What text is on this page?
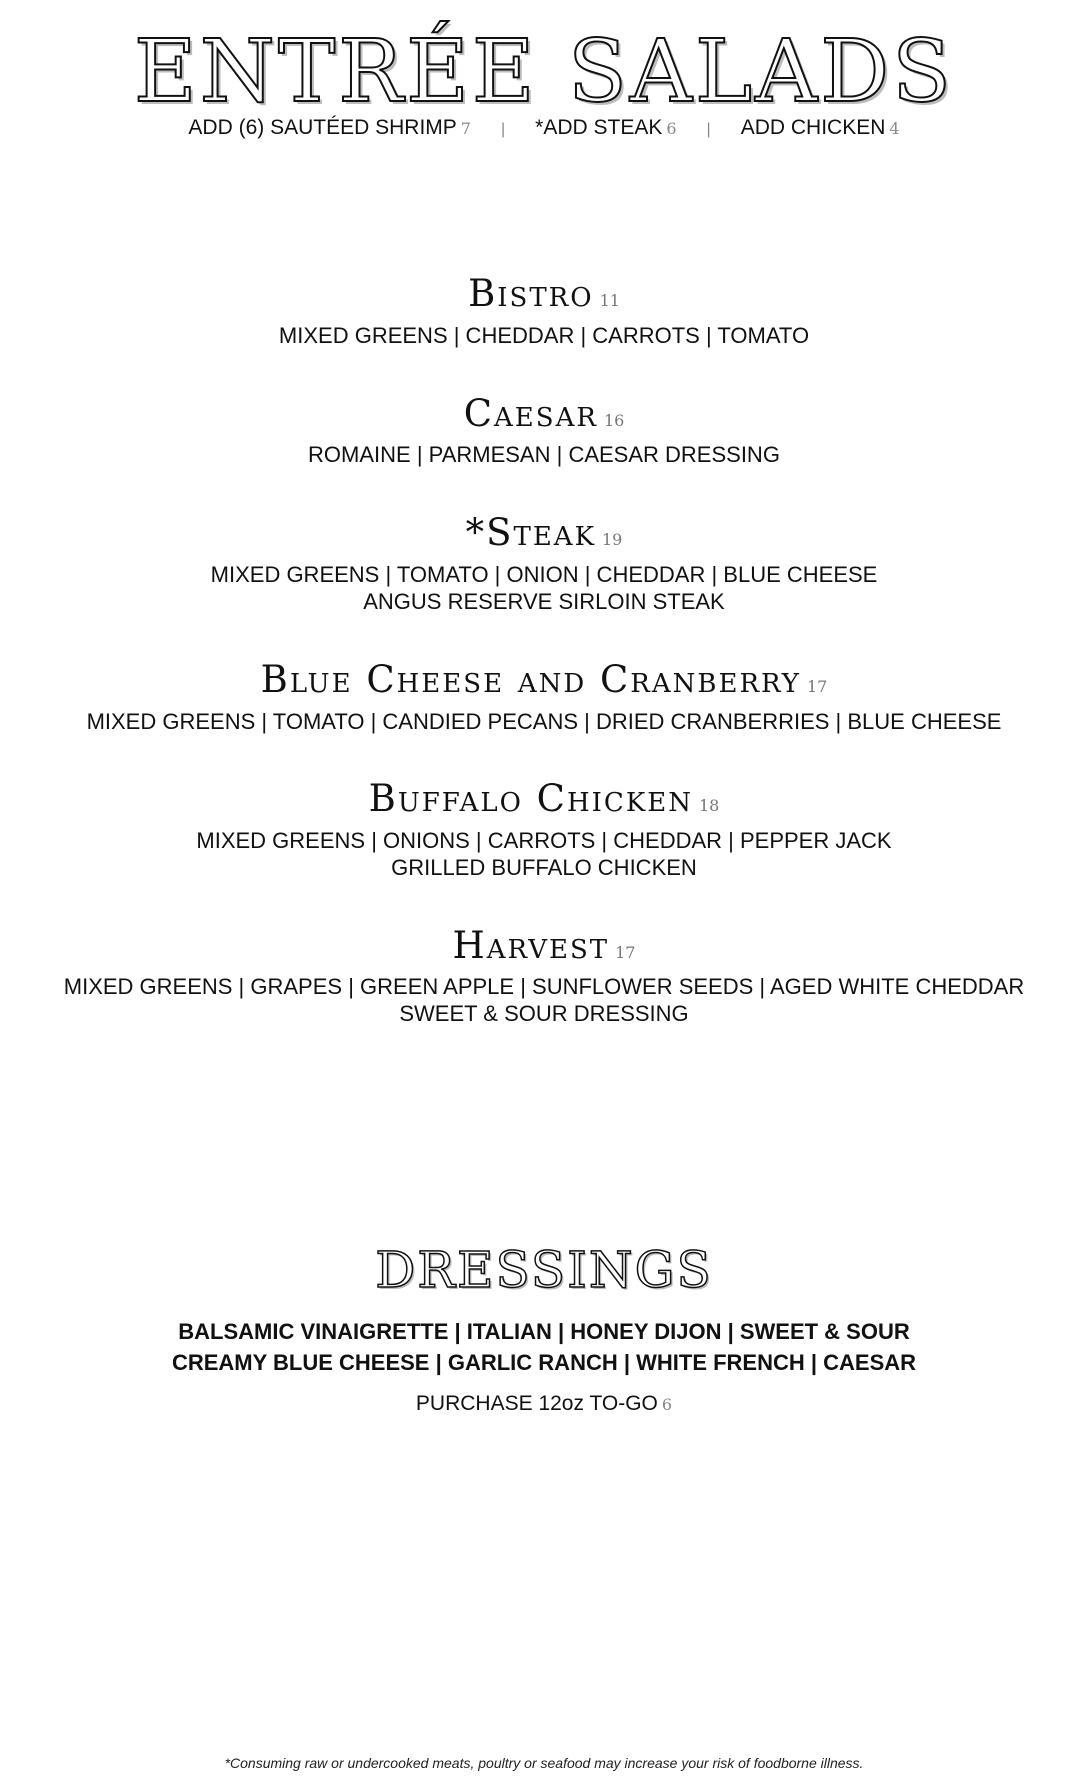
ENTRÉE SALADS
ADD (6) SAUTÉED SHRIMP 7 | *ADD STEAK 6 | ADD CHICKEN 4
Bistro 11
MIXED GREENS | CHEDDAR | CARROTS | TOMATO
Caesar 16
ROMAINE | PARMESAN | CAESAR DRESSING
*Steak 19
MIXED GREENS | TOMATO | ONION | CHEDDAR | BLUE CHEESE
ANGUS RESERVE SIRLOIN STEAK
Blue Cheese and Cranberry 17
MIXED GREENS | TOMATO | CANDIED PECANS | DRIED CRANBERRIES | BLUE CHEESE
Buffalo Chicken 18
MIXED GREENS | ONIONS | CARROTS | CHEDDAR | PEPPER JACK
GRILLED BUFFALO CHICKEN
Harvest 17
MIXED GREENS | GRAPES | GREEN APPLE | SUNFLOWER SEEDS | AGED WHITE CHEDDAR
SWEET & SOUR DRESSING
DRESSINGS
BALSAMIC VINAIGRETTE | ITALIAN | HONEY DIJON | SWEET & SOUR
CREAMY BLUE CHEESE | GARLIC RANCH | WHITE FRENCH | CAESAR
PURCHASE 12oz TO-GO 6
*Consuming raw or undercooked meats, poultry or seafood may increase your risk of foodborne illness.
